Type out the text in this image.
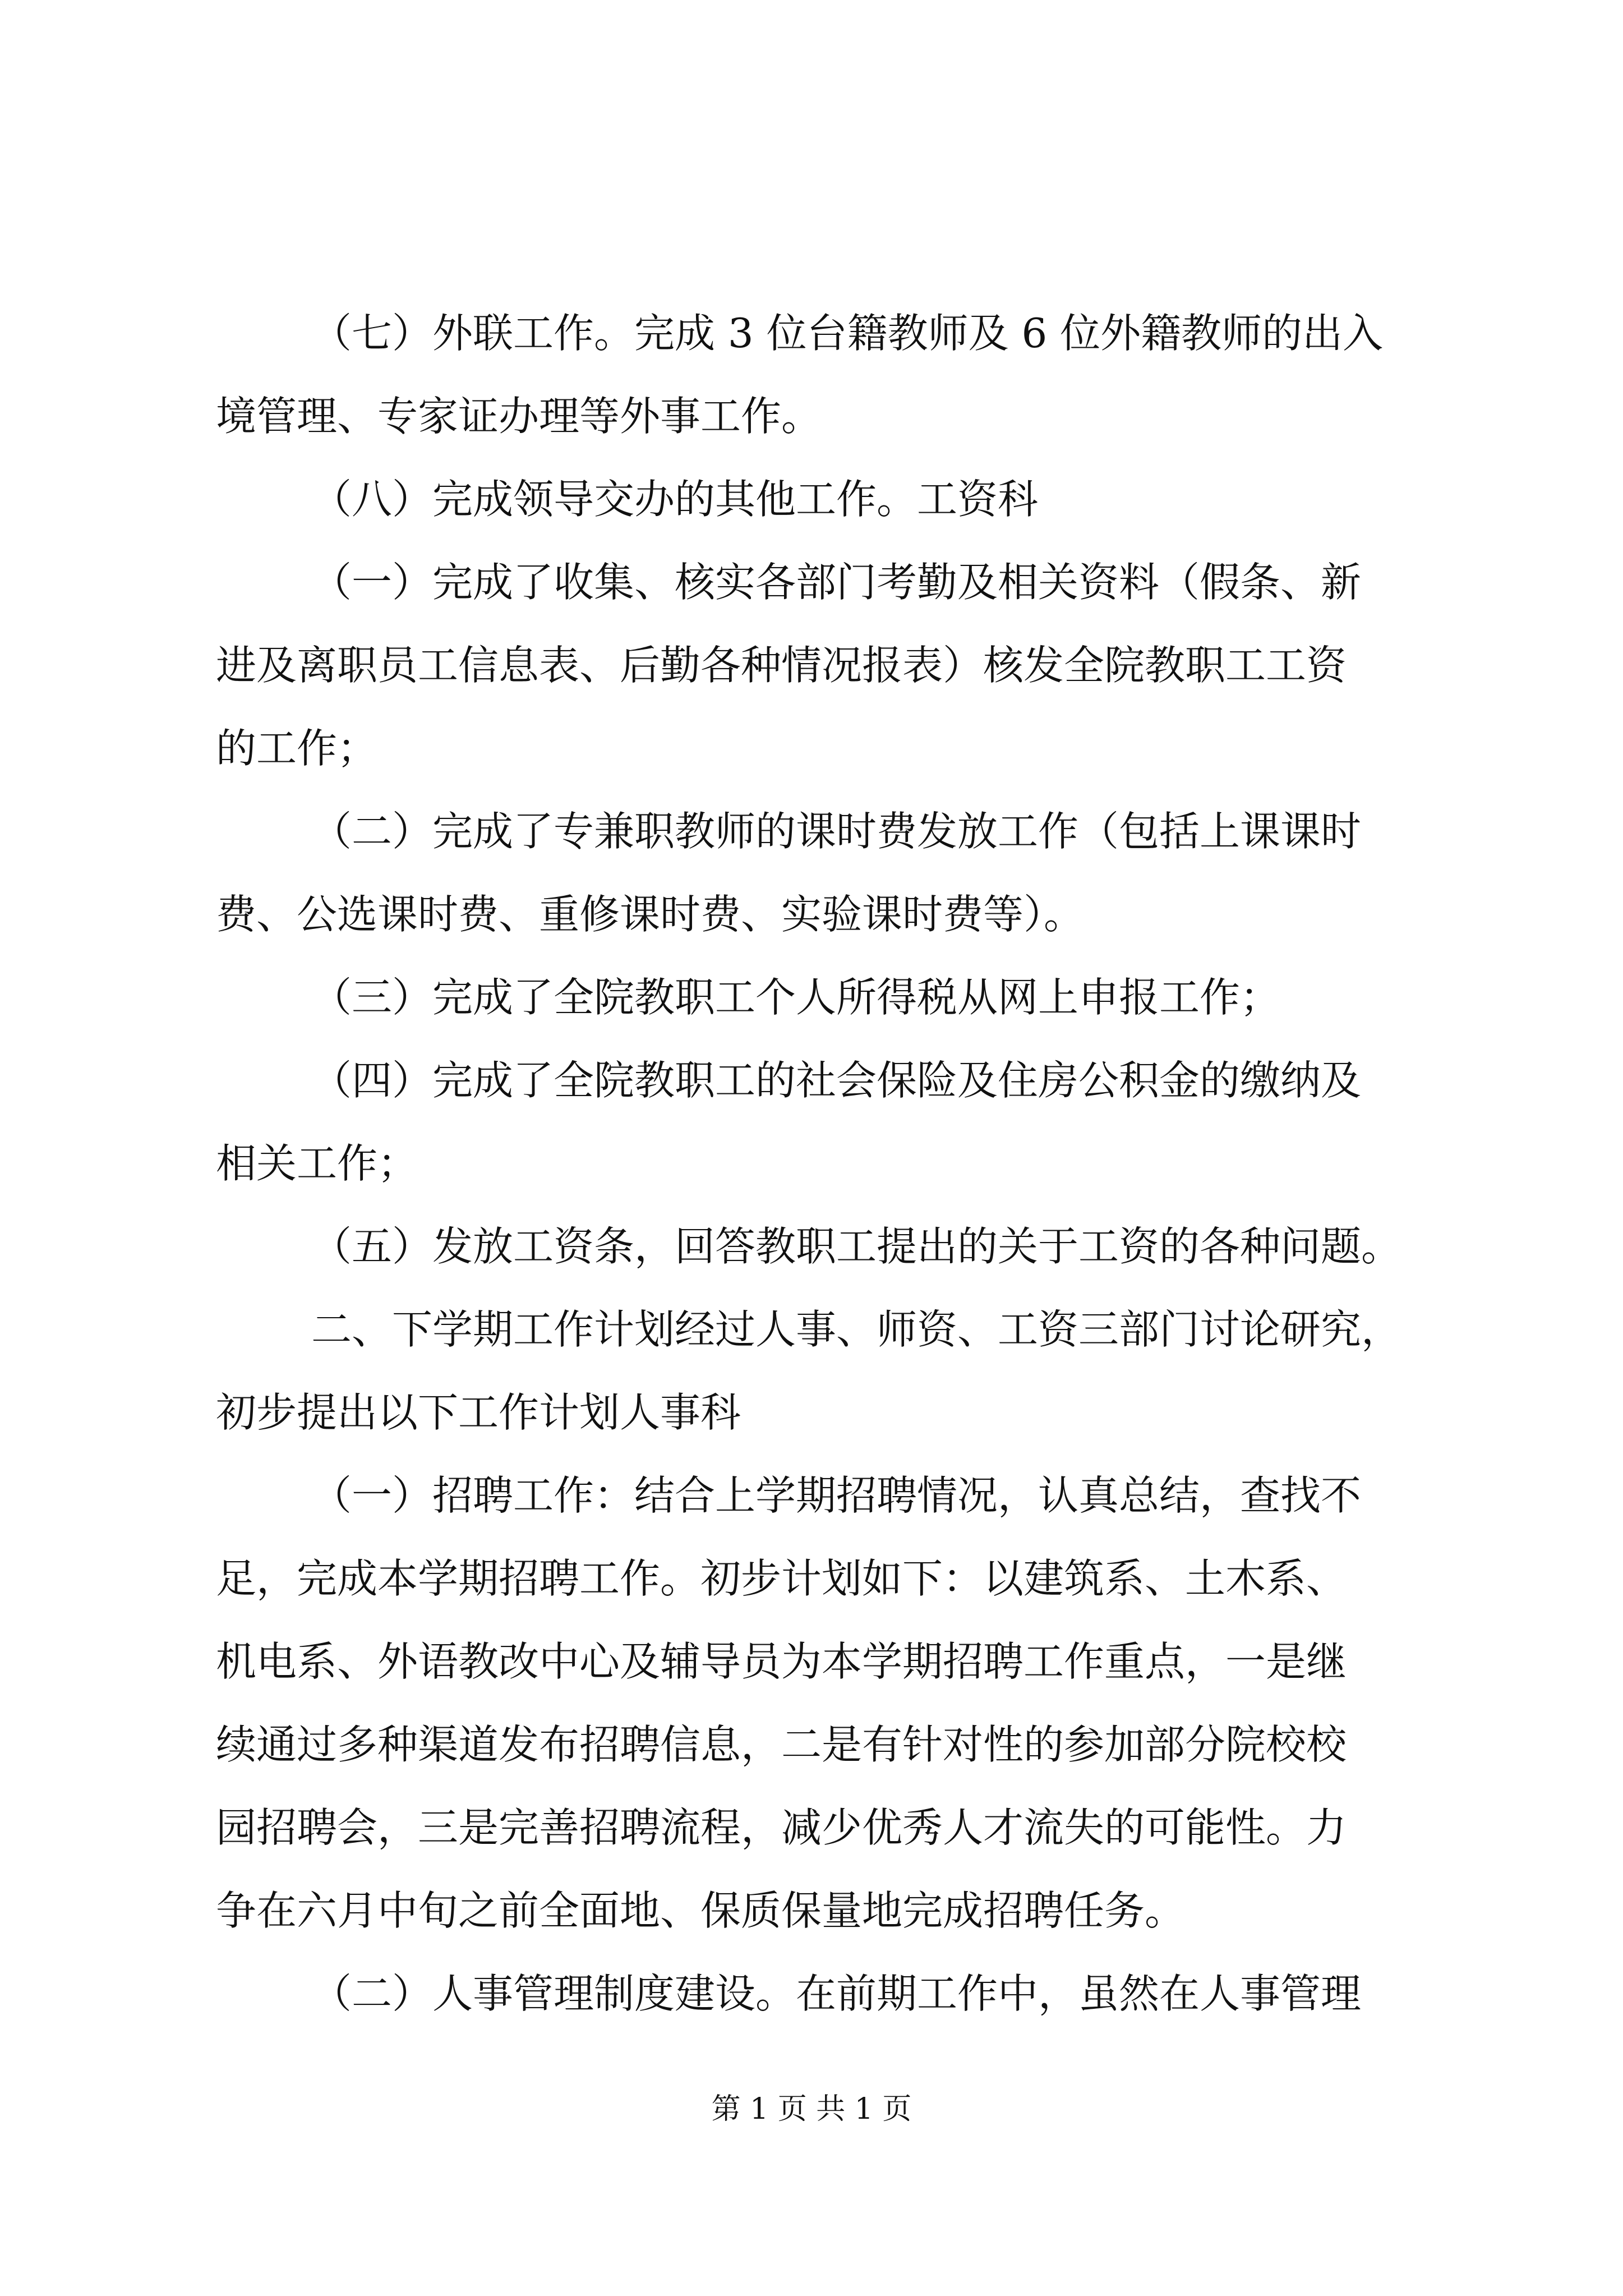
（七）外联工作。完成 3 位台籍教师及 6 位外籍教师的出入
境管理、专家证办理等外事工作。
（八）完成领导交办的其他工作。工资科
（一）完成了收集、核实各部门考勤及相关资料（假条、新
进及离职员工信息表、后勤各种情况报表）核发全院教职工工资
的工作；
（二）完成了专兼职教师的课时费发放工作（包括上课课时
费、公选课时费、重修课时费、实验课时费等）。
（三）完成了全院教职工个人所得税从网上申报工作；
（四）完成了全院教职工的社会保险及住房公积金的缴纳及
相关工作；
（五）发放工资条，回答教职工提出的关于工资的各种问题。
二、下学期工作计划经过人事、师资、工资三部门讨论研究，
初步提出以下工作计划人事科
（一）招聘工作：结合上学期招聘情况，认真总结，查找不
足，完成本学期招聘工作。初步计划如下：以建筑系、土木系、
机电系、外语教改中心及辅导员为本学期招聘工作重点，一是继
续通过多种渠道发布招聘信息，二是有针对性的参加部分院校校
园招聘会，三是完善招聘流程，减少优秀人才流失的可能性。力
争在六月中旬之前全面地、保质保量地完成招聘任务。
（二）人事管理制度建设。在前期工作中，虽然在人事管理
第 1 页 共 1 页
